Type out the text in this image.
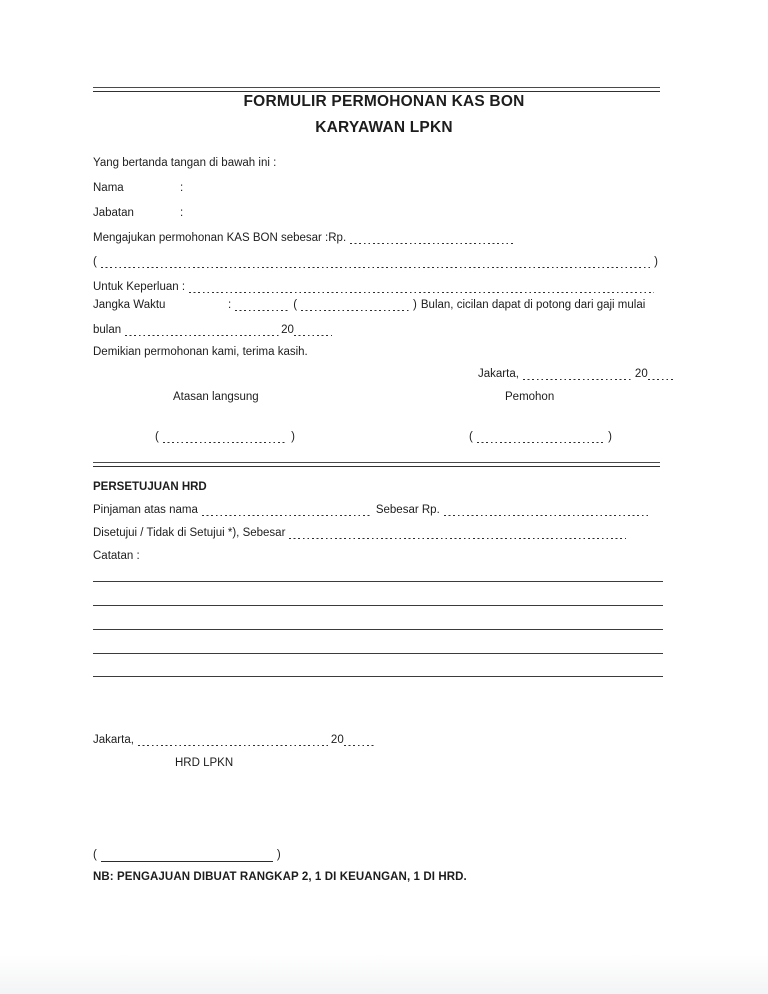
FORMULIR PERMOHONAN KAS BON
KARYAWAN LPKN
Yang bertanda tangan di bawah ini :
Nama	:
Jabatan	:
Mengajukan permohonan KAS BON sebesar :Rp.
(	)
Untuk Keperluan :
Jangka Waktu	:	(	) Bulan, cicilan dapat di potong dari gaji mulai
bulan	20
Demikian permohonan kami, terima kasih.
Jakarta,	20
Atasan langsung	Pemohon
(	)	(	)
PERSETUJUAN HRD
Pinjaman atas nama	Sebesar Rp.
Disetujui / Tidak di Setujui *), Sebesar
Catatan :
Jakarta,	20
HRD LPKN
(	)
NB: PENGAJUAN DIBUAT RANGKAP 2, 1 DI KEUANGAN, 1 DI HRD.
